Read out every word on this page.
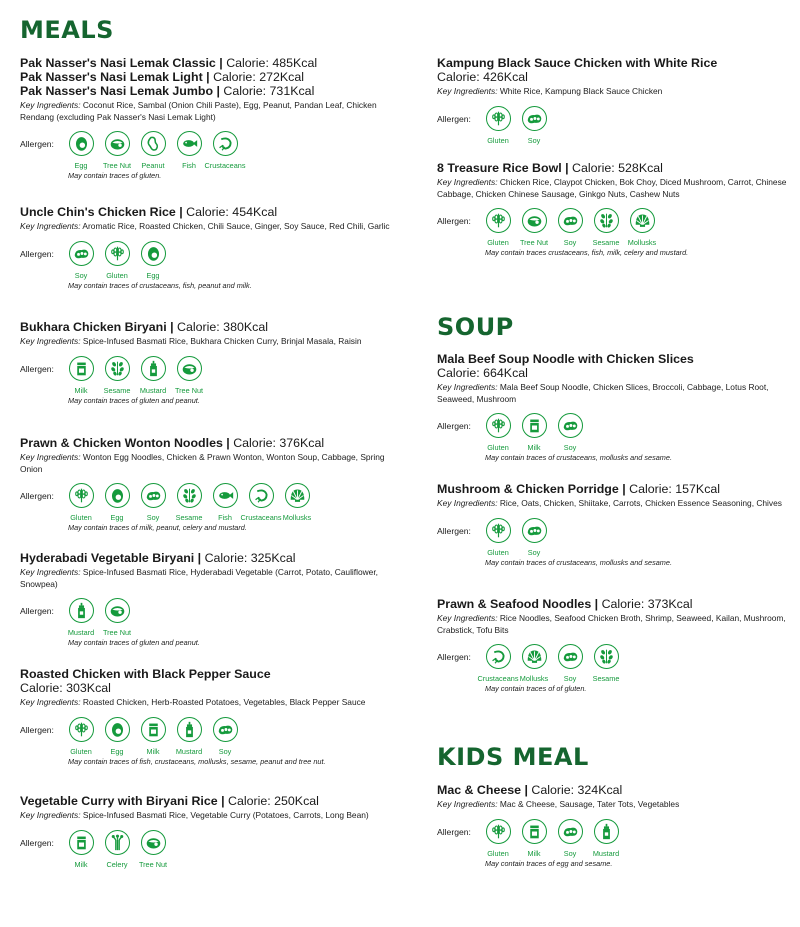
MEALS
Pak Nasser's Nasi Lemak Classic | Calorie: 485Kcal
Pak Nasser's Nasi Lemak Light | Calorie: 272Kcal
Pak Nasser's Nasi Lemak Jumbo | Calorie: 731Kcal
Key Ingredients: Coconut Rice, Sambal (Onion Chili Paste), Egg, Peanut, Pandan Leaf, Chicken Rendang (excluding Pak Nasser's Nasi Lemak Light)
Allergen:
Egg Tree Nut Peanut Fish Crustaceans
May contain traces of gluten.
Uncle Chin's Chicken Rice | Calorie: 454Kcal
Key Ingredients: Aromatic Rice, Roasted Chicken, Chili Sauce, Ginger, Soy Sauce, Red Chili, Garlic
Allergen:
Soy	Gluten	Egg
May contain traces of crustaceans, fish, peanut and milk.
Bukhara Chicken Biryani | Calorie: 380Kcal
Key Ingredients: Spice-Infused Basmati Rice, Bukhara Chicken Curry, Brinjal Masala, Raisin
Allergen:
Milk Sesame Mustard Tree Nut
May contain traces of gluten and peanut.
Prawn & Chicken Wonton Noodles | Calorie: 376Kcal
Key Ingredients: Wonton Egg Noodles, Chicken & Prawn Wonton, Wonton Soup, Cabbage, Spring Onion
Allergen:
Gluten	Egg	Soy Sesame Fish Crustaceans Mollusks
May contain traces of milk, peanut, celery and mustard.
Hyderabadi Vegetable Biryani | Calorie: 325Kcal
Key Ingredients: Spice-Infused Basmati Rice, Hyderabadi Vegetable (Carrot, Potato, Cauliflower, Snowpea)
Allergen:
Mustard Tree Nut
May contain traces of gluten and peanut.
Roasted Chicken with Black Pepper Sauce
Calorie: 303Kcal
Key Ingredients: Roasted Chicken, Herb-Roasted Potatoes, Vegetables, Black Pepper Sauce
Allergen:
Gluten	Egg	Milk Mustard Soy
May contain traces of fish, crustaceans, mollusks, sesame, peanut and tree nut.
Vegetable Curry with Biryani Rice | Calorie: 250Kcal
Key Ingredients: Spice-Infused Basmati Rice, Vegetable Curry (Potatoes, Carrots, Long Bean)
Allergen:
Milk	Celery Tree Nut
Kampung Black Sauce Chicken with White Rice
Calorie: 426Kcal
Key Ingredients: White Rice, Kampung Black Sauce Chicken
Allergen:
Gluten	Soy
8 Treasure Rice Bowl | Calorie: 528Kcal
Key Ingredients: Chicken Rice, Claypot Chicken, Bok Choy, Diced Mushroom, Carrot, Chinese Cabbage, Chicken Chinese Sausage, Ginkgo Nuts, Cashew Nuts
Allergen:
Gluten Tree Nut Soy Sesame Mollusks
May contain traces crustaceans, fish, milk, celery and mustard.
SOUP
Mala Beef Soup Noodle with Chicken Slices
Calorie: 664Kcal
Key Ingredients: Mala Beef Soup Noodle, Chicken Slices, Broccoli, Cabbage, Lotus Root, Seaweed, Mushroom
Allergen:
Gluten	Milk	Soy
May contain traces of crustaceans, mollusks and sesame.
Mushroom & Chicken Porridge | Calorie: 157Kcal
Key Ingredients: Rice, Oats, Chicken, Shiitake, Carrots, Chicken Essence Seasoning, Chives
Allergen:
Gluten	Soy
May contain traces of crustaceans, mollusks and sesame.
Prawn & Seafood Noodles | Calorie: 373Kcal
Key Ingredients: Rice Noodles, Seafood Chicken Broth, Shrimp, Seaweed, Kailan, Mushroom, Crabstick, Tofu Bits
Allergen:
Crustaceans Mollusks Soy Sesame
May contain traces of of gluten.
KIDS MEAL
Mac & Cheese | Calorie: 324Kcal
Key Ingredients: Mac & Cheese, Sausage, Tater Tots, Vegetables
Allergen:
Gluten	Milk	Soy Mustard
May contain traces of egg and sesame.
